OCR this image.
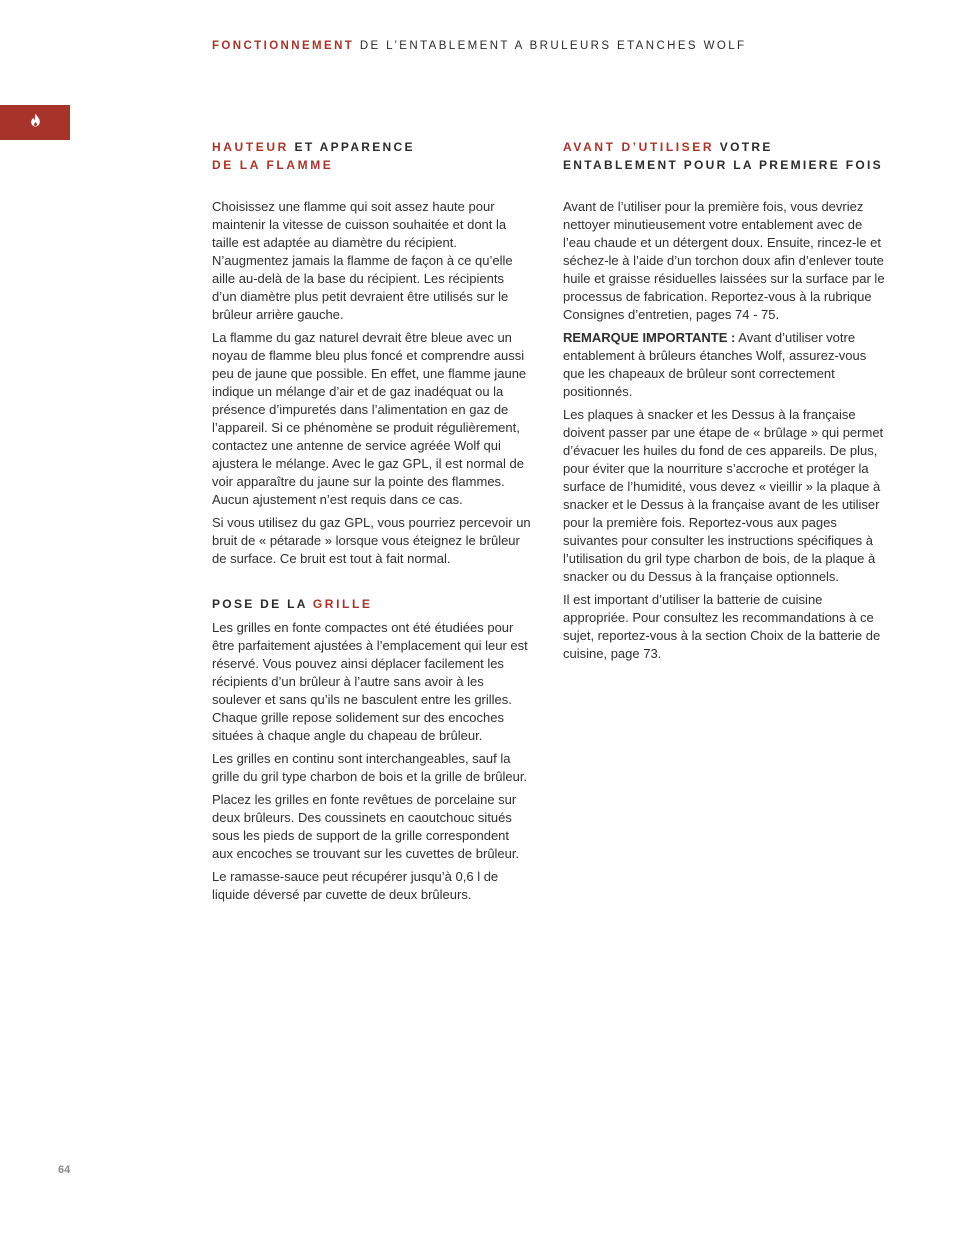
FONCTIONNEMENT DE L’ENTABLEMENT A BRULEURS ETANCHES WOLF
HAUTEUR ET APPARENCE
DE LA FLAMME

Choisissez une flamme qui soit assez haute pour maintenir la vitesse de cuisson souhaitée et dont la taille est adaptée au diamètre du récipient. N’augmentez jamais la flamme de façon à ce qu’elle aille au-delà de la base du récipient. Les récipients d’un diamètre plus petit devraient être utilisés sur le brûleur arrière gauche.

La flamme du gaz naturel devrait être bleue avec un noyau de flamme bleu plus foncé et comprendre aussi peu de jaune que possible. En effet, une flamme jaune indique un mélange d’air et de gaz inadéquat ou la présence d’impuretés dans l’alimentation en gaz de l’appareil. Si ce phénomène se produit régulièrement, contactez une antenne de service agréée Wolf qui ajustera le mélange. Avec le gaz GPL, il est normal de voir apparaître du jaune sur la pointe des flammes. Aucun ajustement n’est requis dans ce cas.

Si vous utilisez du gaz GPL, vous pourriez percevoir un bruit de « pétarade » lorsque vous éteignez le brûleur de surface. Ce bruit est tout à fait normal.

POSE DE LA GRILLE

Les grilles en fonte compactes ont été étudiées pour être parfaitement ajustées à l’emplacement qui leur est réservé. Vous pouvez ainsi déplacer facilement les récipients d’un brûleur à l’autre sans avoir à les soulever et sans qu’ils ne basculent entre les grilles. Chaque grille repose solidement sur des encoches situées à chaque angle du chapeau de brûleur.

Les grilles en continu sont interchangeables, sauf la grille du gril type charbon de bois et la grille de brûleur.

Placez les grilles en fonte revêtues de porcelaine sur deux brûleurs. Des coussinets en caoutchouc situés sous les pieds de support de la grille correspondent aux encoches se trouvant sur les cuvettes de brûleur.

Le ramasse-sauce peut récupérer jusqu’à 0,6 l de liquide déversé par cuvette de deux brûleurs.

AVANT D’UTILISER VOTRE
ENTABLEMENT POUR LA PREMIERE FOIS

Avant de l’utiliser pour la première fois, vous devriez nettoyer minutieusement votre entablement avec de l’eau chaude et un détergent doux. Ensuite, rincez-le et séchez-le à l’aide d’un torchon doux afin d’enlever toute huile et graisse résiduelles laissées sur la surface par le processus de fabrication. Reportez-vous à la rubrique Consignes d’entretien, pages 74 - 75.

REMARQUE IMPORTANTE : Avant d’utiliser votre entablement à brûleurs étanches Wolf, assurez-vous que les chapeaux de brûleur sont correctement positionnés.

Les plaques à snacker et les Dessus à la française doivent passer par une étape de « brûlage » qui permet d’évacuer les huiles du fond de ces appareils. De plus, pour éviter que la nourriture s’accroche et protéger la surface de l’humidité, vous devez « vieillir » la plaque à snacker et le Dessus à la française avant de les utiliser pour la première fois. Reportez-vous aux pages suivantes pour consulter les instructions spécifiques à l’utilisation du gril type charbon de bois, de la plaque à snacker ou du Dessus à la française optionnels.

Il est important d’utiliser la batterie de cuisine appropriée. Pour consultez les recommandations à ce sujet, reportez-vous à la section Choix de la batterie de cuisine, page 73.

64
